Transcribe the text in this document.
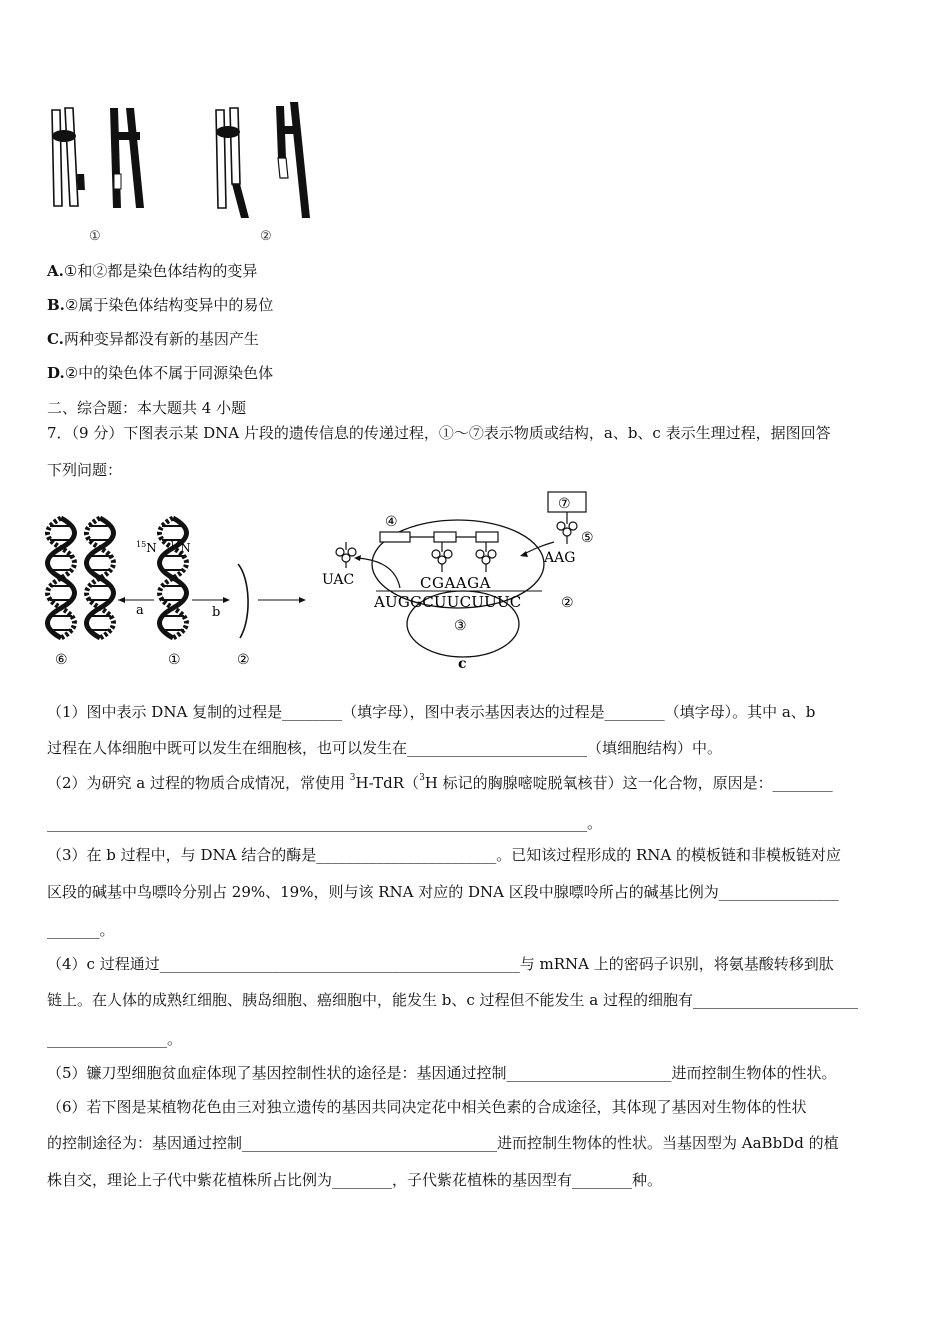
①	②
A.①和②都是染色体结构的变异
B.②属于染色体结构变异中的易位
C.两种变异都没有新的基因产生
D.②中的染色体不属于同源染色体
二、综合题：本大题共 4 小题
7．（9 分）下图表示某 DNA 片段的遗传信息的传递过程，①～⑦表示物质或结构，a、b、c 表示生理过程，据图回答
下列问题：
$^{15}$N $^{14}$N
a	b
⑥	①	②
③
④
CGAAGA
AUGGCUUCUUUC	②
UAC
⑦
⑤
AAG
c
（1）图中表示 DNA 复制的过程是________（填字母），图中表示基因表达的过程是________（填字母）。其中 a、b
过程在人体细胞中既可以发生在细胞核，也可以发生在________________________（填细胞结构）中。
（2）为研究 a 过程的物质合成情况，常使用 $^3$H-TdR（$^3$H 标记的胸腺嘧啶脱氧核苷）这一化合物，原因是：________
________________________________________________________________________。
（3）在 b 过程中，与 DNA 结合的酶是________________________。已知该过程形成的 RNA 的模板链和非模板链对应
区段的碱基中鸟嘌呤分别占 29%、19%，则与该 RNA 对应的 DNA 区段中腺嘌呤所占的碱基比例为________________
_______。
（4）c 过程通过________________________________________________与 mRNA 上的密码子识别，将氨基酸转移到肽
链上。在人体的成熟红细胞、胰岛细胞、癌细胞中，能发生 b、c 过程但不能发生 a 过程的细胞有______________________
________________。
（5）镰刀型细胞贫血症体现了基因控制性状的途径是：基因通过控制______________________进而控制生物体的性状。
（6）若下图是某植物花色由三对独立遗传的基因共同决定花中相关色素的合成途径，其体现了基因对生物体的性状
的控制途径为：基因通过控制__________________________________进而控制生物体的性状。当基因型为 AaBbDd 的植
株自交，理论上子代中紫花植株所占比例为________，子代紫花植株的基因型有________种。
